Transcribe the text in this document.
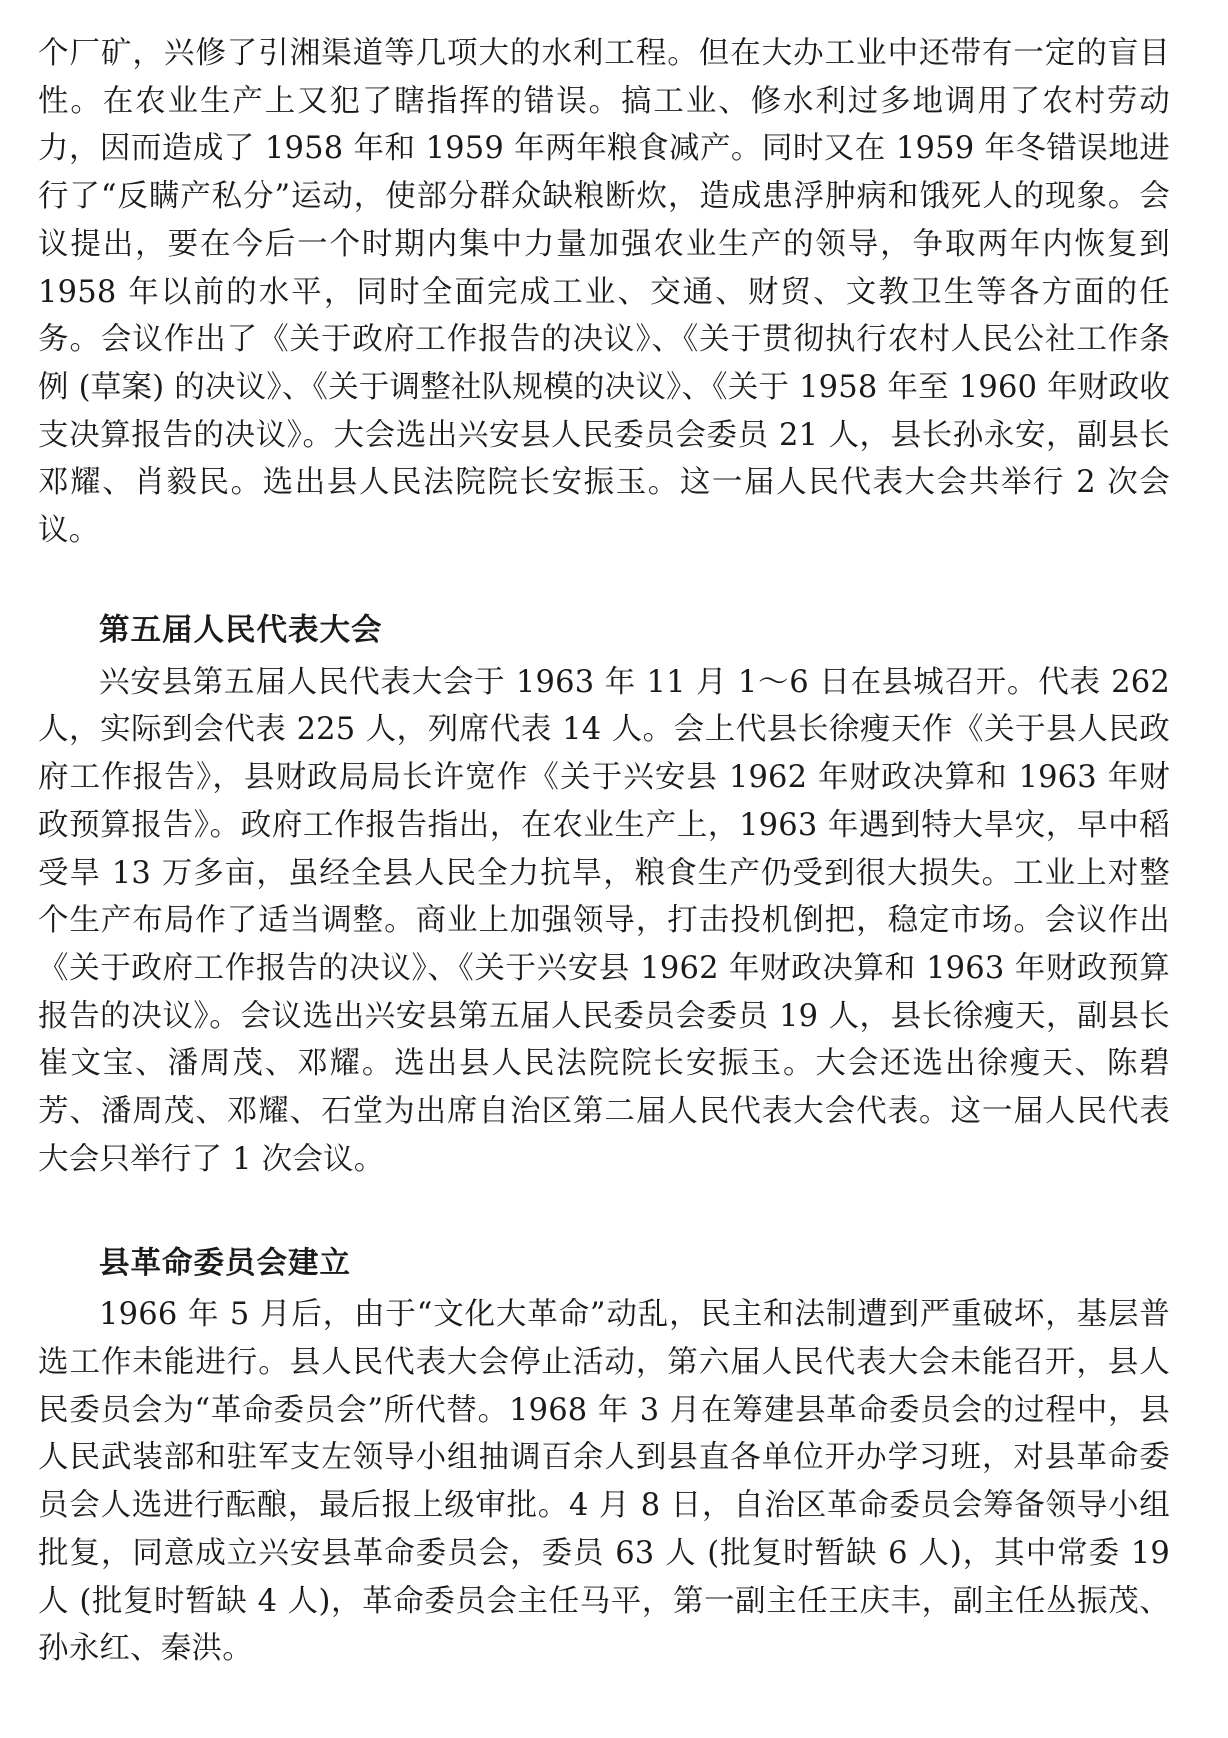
个厂矿，兴修了引湘渠道等几项大的水利工程。但在大办工业中还带有一定的盲目性。在农业生产上又犯了瞎指挥的错误。搞工业、修水利过多地调用了农村劳动力，因而造成了 1958 年和 1959 年两年粮食减产。同时又在 1959 年冬错误地进行了“反瞒产私分”运动，使部分群众缺粮断炊，造成患浮肿病和饿死人的现象。会议提出，要在今后一个时期内集中力量加强农业生产的领导，争取两年内恢复到 1958 年以前的水平，同时全面完成工业、交通、财贸、文教卫生等各方面的任务。会议作出了《关于政府工作报告的决议》、《关于贯彻执行农村人民公社工作条例 (草案) 的决议》、《关于调整社队规模的决议》、《关于 1958 年至 1960 年财政收支决算报告的决议》。大会选出兴安县人民委员会委员 21 人，县长孙永安，副县长邓耀、肖毅民。选出县人民法院院长安振玉。这一届人民代表大会共举行 2 次会议。

第五届人民代表大会

兴安县第五届人民代表大会于 1963 年 11 月 1～6 日在县城召开。代表 262 人，实际到会代表 225 人，列席代表 14 人。会上代县长徐瘦天作《关于县人民政府工作报告》，县财政局局长许宽作《关于兴安县 1962 年财政决算和 1963 年财政预算报告》。政府工作报告指出，在农业生产上，1963 年遇到特大旱灾，早中稻受旱 13 万多亩，虽经全县人民全力抗旱，粮食生产仍受到很大损失。工业上对整个生产布局作了适当调整。商业上加强领导，打击投机倒把，稳定市场。会议作出《关于政府工作报告的决议》、《关于兴安县 1962 年财政决算和 1963 年财政预算报告的决议》。会议选出兴安县第五届人民委员会委员 19 人，县长徐瘦天，副县长崔文宝、潘周茂、邓耀。选出县人民法院院长安振玉。大会还选出徐瘦天、陈碧芳、潘周茂、邓耀、石堂为出席自治区第二届人民代表大会代表。这一届人民代表大会只举行了 1 次会议。

县革命委员会建立

1966 年 5 月后，由于“文化大革命”动乱，民主和法制遭到严重破坏，基层普选工作未能进行。县人民代表大会停止活动，第六届人民代表大会未能召开，县人民委员会为“革命委员会”所代替。1968 年 3 月在筹建县革命委员会的过程中，县人民武装部和驻军支左领导小组抽调百余人到县直各单位开办学习班，对县革命委员会人选进行酝酿，最后报上级审批。4 月 8 日，自治区革命委员会筹备领导小组批复，同意成立兴安县革命委员会，委员 63 人 (批复时暂缺 6 人)，其中常委 19 人 (批复时暂缺 4 人)，革命委员会主任马平，第一副主任王庆丰，副主任丛振茂、孙永红、秦洪。
